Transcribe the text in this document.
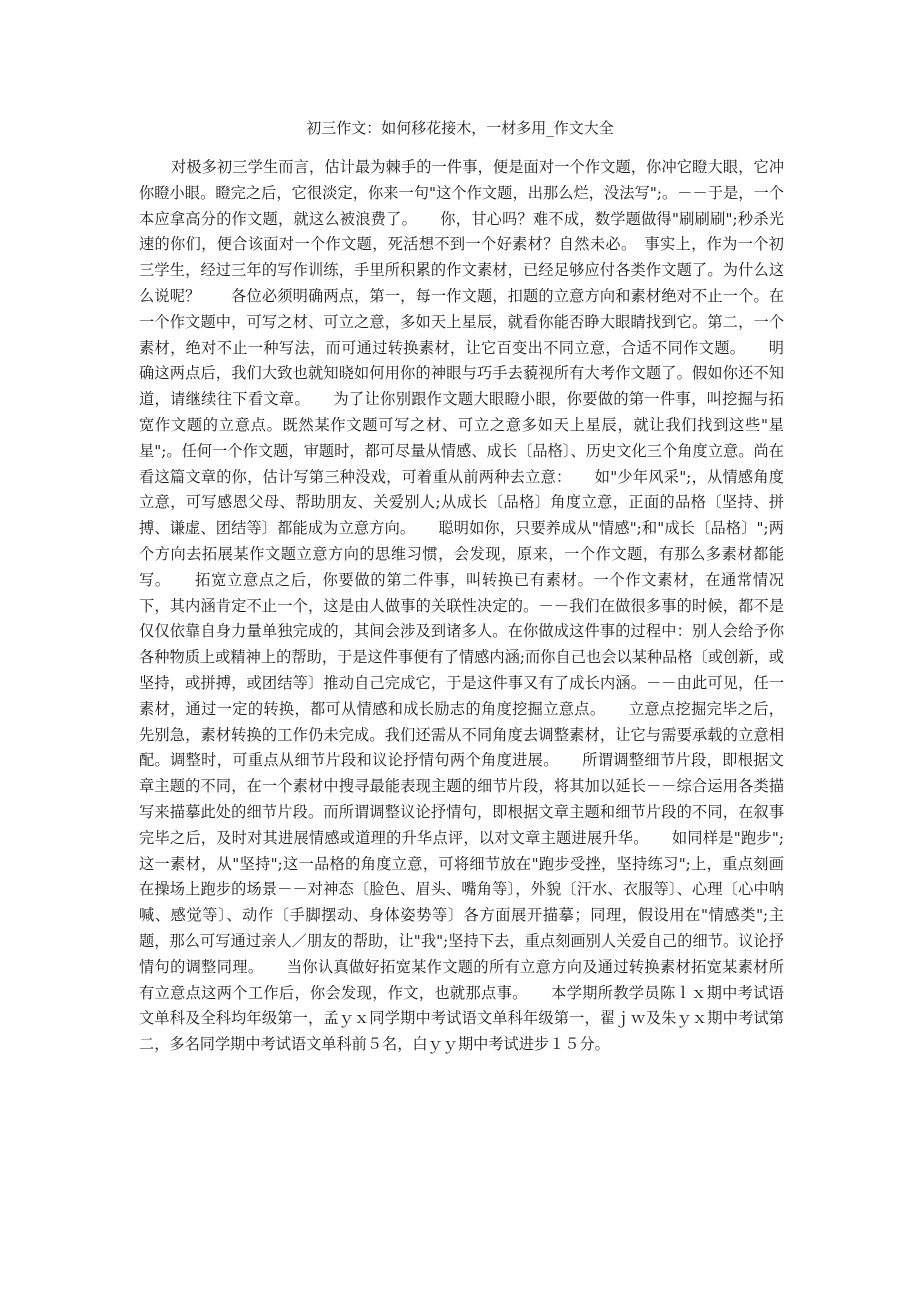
初三作文：如何移花接木，一材多用_作文大全

对极多初三学生而言，估计最为棘手的一件事，便是面对一个作文题，你冲它瞪大眼，它冲你瞪小眼。瞪完之后，它很淡定，你来一句"这个作文题，出那么烂，没法写";。－－于是，一个本应拿高分的作文题，就这么被浪费了。　　你，甘心吗？难不成，数学题做得"刷刷刷";秒杀光速的你们，便合该面对一个作文题，死活想不到一个好素材？自然未必。　事实上，作为一个初三学生，经过三年的写作训练，手里所积累的作文素材，已经足够应付各类作文题了。为什么这么说呢？　　各位必须明确两点，第一，每一作文题，扣题的立意方向和素材绝对不止一个。在一个作文题中，可写之材、可立之意，多如天上星辰，就看你能否睁大眼睛找到它。第二，一个素材，绝对不止一种写法，而可通过转换素材，让它百变出不同立意，合适不同作文题。　　明确这两点后，我们大致也就知晓如何用你的神眼与巧手去藐视所有大考作文题了。假如你还不知道，请继续往下看文章。　　为了让你别跟作文题大眼瞪小眼，你要做的第一件事，叫挖掘与拓宽作文题的立意点。既然某作文题可写之材、可立之意多如天上星辰，就让我们找到这些"星星";。任何一个作文题，审题时，都可尽量从情感、成长〔品格〕、历史文化三个角度立意。尚在看这篇文章的你，估计写第三种没戏，可着重从前两种去立意：　　如"少年风采";，从情感角度立意，可写感恩父母、帮助朋友、关爱别人;从成长〔品格〕角度立意，正面的品格〔坚持、拼搏、谦虚、团结等〕都能成为立意方向。　　聪明如你，只要养成从"情感";和"成长〔品格〕";两个方向去拓展某作文题立意方向的思维习惯，会发现，原来，一个作文题，有那么多素材都能写。　　拓宽立意点之后，你要做的第二件事，叫转换已有素材。一个作文素材，在通常情况下，其内涵肯定不止一个，这是由人做事的关联性决定的。－－我们在做很多事的时候，都不是仅仅依靠自身力量单独完成的，其间会涉及到诸多人。在你做成这件事的过程中：别人会给予你各种物质上或精神上的帮助，于是这件事便有了情感内涵;而你自己也会以某种品格〔或创新，或坚持，或拼搏，或团结等〕推动自己完成它，于是这件事又有了成长内涵。－－由此可见，任一素材，通过一定的转换，都可从情感和成长励志的角度挖掘立意点。　　立意点挖掘完毕之后，先别急，素材转换的工作仍未完成。我们还需从不同角度去调整素材，让它与需要承载的立意相配。调整时，可重点从细节片段和议论抒情句两个角度进展。　　所谓调整细节片段，即根据文章主题的不同，在一个素材中搜寻最能表现主题的细节片段，将其加以延长－－综合运用各类描写来描摹此处的细节片段。而所谓调整议论抒情句，即根据文章主题和细节片段的不同，在叙事完毕之后，及时对其进展情感或道理的升华点评，以对文章主题进展升华。　　如同样是"跑步";这一素材，从"坚持";这一品格的角度立意，可将细节放在"跑步受挫，坚持练习";上，重点刻画在操场上跑步的场景－－对神态〔脸色、眉头、嘴角等〕，外貌〔汗水、衣服等〕、心理〔心中呐喊、感觉等〕、动作〔手脚摆动、身体姿势等〕各方面展开描摹；同理，假设用在"情感类";主题，那么可写通过亲人／朋友的帮助，让"我";坚持下去，重点刻画别人关爱自己的细节。议论抒情句的调整同理。　　当你认真做好拓宽某作文题的所有立意方向及通过转换素材拓宽某素材所有立意点这两个工作后，你会发现，作文，也就那点事。　　本学期所教学员陈ｌｘ期中考试语文单科及全科均年级第一，孟ｙｘ同学期中考试语文单科年级第一，翟ｊｗ及朱ｙｘ期中考试第二，多名同学期中考试语文单科前５名，白ｙｙ期中考试进步１５分。
